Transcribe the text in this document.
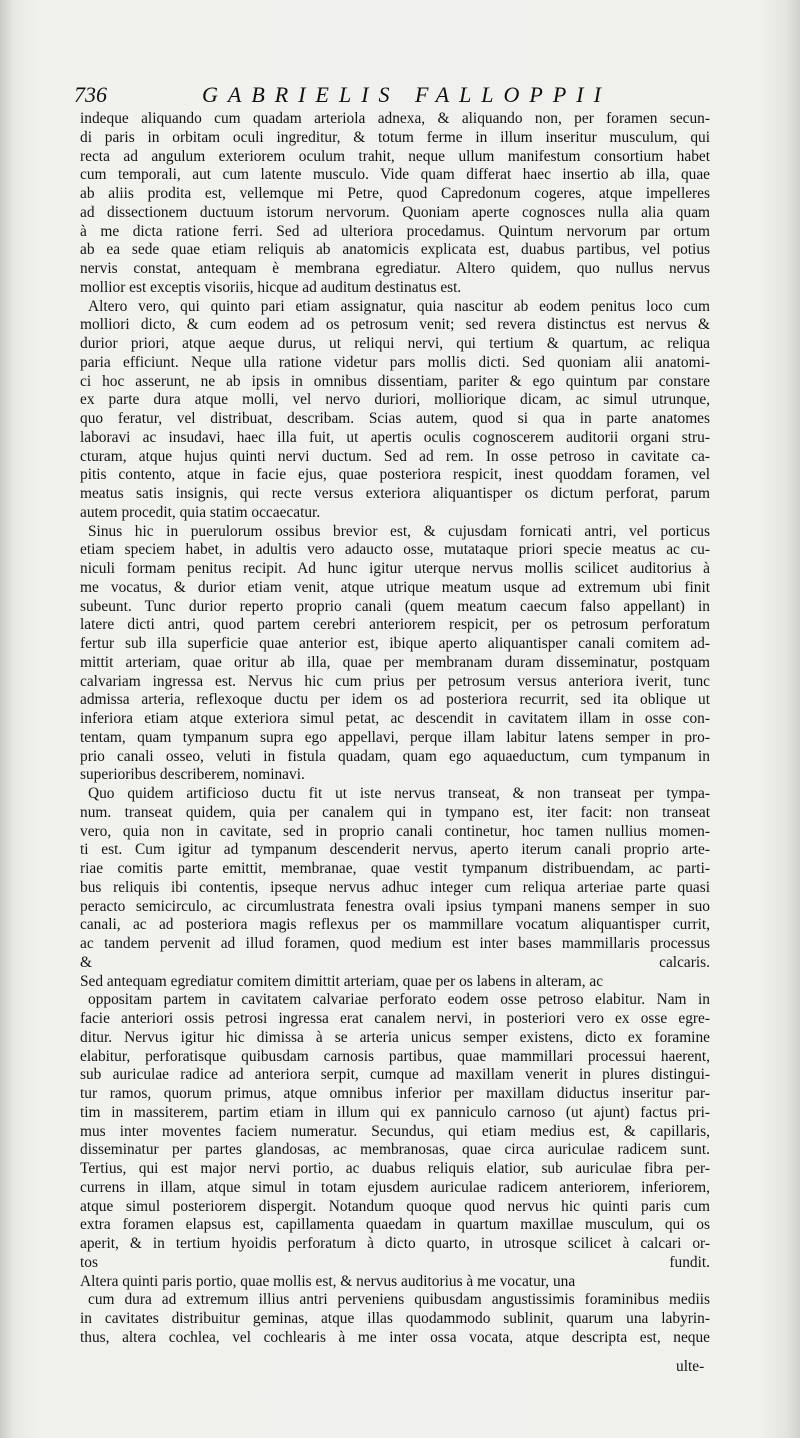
736	GABRIELIS FALLOPPII
indeque aliquando cum quadam arteriola adnexa, & aliquando non, per foramen secun-
di paris in orbitam oculi ingreditur, & totum ferme in illum inseritur musculum, qui
recta ad angulum exteriorem oculum trahit, neque ullum manifestum consortium habet
cum temporali, aut cum latente musculo. Vide quam differat haec insertio ab illa, quae
ab aliis prodita est, vellemque mi Petre, quod Capredonum cogeres, atque impelleres
ad dissectionem ductuum istorum nervorum. Quoniam aperte cognosces nulla alia quam
à me dicta ratione ferri. Sed ad ulteriora procedamus. Quintum nervorum par ortum
ab ea sede quae etiam reliquis ab anatomicis explicata est, duabus partibus, vel potius
nervis constat, antequam è membrana egrediatur. Altero quidem, quo nullus nervus
mollior est exceptis visoriis, hicque ad auditum destinatus est.
Altero vero, qui quinto pari etiam assignatur, quia nascitur ab eodem penitus loco cum
molliori dicto, & cum eodem ad os petrosum venit; sed revera distinctus est nervus &
durior priori, atque aeque durus, ut reliqui nervi, qui tertium & quartum, ac reliqua
paria efficiunt. Neque ulla ratione videtur pars mollis dicti. Sed quoniam alii anatomi-
ci hoc asserunt, ne ab ipsis in omnibus dissentiam, pariter & ego quintum par constare
ex parte dura atque molli, vel nervo duriori, molliorique dicam, ac simul utrunque,
quo feratur, vel distribuat, describam. Scias autem, quod si qua in parte anatomes
laboravi ac insudavi, haec illa fuit, ut apertis oculis cognoscerem auditorii organi stru-
cturam, atque hujus quinti nervi ductum. Sed ad rem. In osse petroso in cavitate ca-
pitis contento, atque in facie ejus, quae posteriora respicit, inest quoddam foramen, vel
meatus satis insignis, qui recte versus exteriora aliquantisper os dictum perforat, parum
autem procedit, quia statim occaecatur.
Sinus hic in puerulorum ossibus brevior est, & cujusdam fornicati antri, vel porticus
etiam speciem habet, in adultis vero adaucto osse, mutataque priori specie meatus ac cu-
niculi formam penitus recipit. Ad hunc igitur uterque nervus mollis scilicet auditorius à
me vocatus, & durior etiam venit, atque utrique meatum usque ad extremum ubi finit
subeunt. Tunc durior reperto proprio canali (quem meatum caecum falso appellant) in
latere dicti antri, quod partem cerebri anteriorem respicit, per os petrosum perforatum
fertur sub illa superficie quae anterior est, ibique aperto aliquantisper canali comitem ad-
mittit arteriam, quae oritur ab illa, quae per membranam duram disseminatur, postquam
calvariam ingressa est. Nervus hic cum prius per petrosum versus anteriora iverit, tunc
admissa arteria, reflexoque ductu per idem os ad posteriora recurrit, sed ita oblique ut
inferiora etiam atque exteriora simul petat, ac descendit in cavitatem illam in osse con-
tentam, quam tympanum supra ego appellavi, perque illam labitur latens semper in pro-
prio canali osseo, veluti in fistula quadam, quam ego aquaeductum, cum tympanum in
superioribus describerem, nominavi.
Quo quidem artificioso ductu fit ut iste nervus transeat, & non transeat per tympa-
num. transeat quidem, quia per canalem qui in tympano est, iter facit: non transeat
vero, quia non in cavitate, sed in proprio canali continetur, hoc tamen nullius momen-
ti est. Cum igitur ad tympanum descenderit nervus, aperto iterum canali proprio arte-
riae comitis parte emittit, membranae, quae vestit tympanum distribuendam, ac parti-
bus reliquis ibi contentis, ipseque nervus adhuc integer cum reliqua arteriae parte quasi
peracto semicirculo, ac circumlustrata fenestra ovali ipsius tympani manens semper in suo
canali, ac ad posteriora magis reflexus per os mammillare vocatum aliquantisper currit,
ac tandem pervenit ad illud foramen, quod medium est inter bases mammillaris processus
& calcaris.
Sed antequam egrediatur comitem dimittit arteriam, quae per os labens in alteram, ac
oppositam partem in cavitatem calvariae perforato eodem osse petroso elabitur. Nam in
facie anteriori ossis petrosi ingressa erat canalem nervi, in posteriori vero ex osse egre-
ditur. Nervus igitur hic dimissa à se arteria unicus semper existens, dicto ex foramine
elabitur, perforatisque quibusdam carnosis partibus, quae mammillari processui haerent,
sub auriculae radice ad anteriora serpit, cumque ad maxillam venerit in plures distingui-
tur ramos, quorum primus, atque omnibus inferior per maxillam diductus inseritur par-
tim in massiterem, partim etiam in illum qui ex panniculo carnoso (ut ajunt) factus pri-
mus inter moventes faciem numeratur. Secundus, qui etiam medius est, & capillaris,
disseminatur per partes glandosas, ac membranosas, quae circa auriculae radicem sunt.
Tertius, qui est major nervi portio, ac duabus reliquis elatior, sub auriculae fibra per-
currens in illam, atque simul in totam ejusdem auriculae radicem anteriorem, inferiorem,
atque simul posteriorem dispergit. Notandum quoque quod nervus hic quinti paris cum
extra foramen elapsus est, capillamenta quaedam in quartum maxillae musculum, qui os
aperit, & in tertium hyoidis perforatum à dicto quarto, in utrosque scilicet à calcari or-
tos fundit.
Altera quinti paris portio, quae mollis est, & nervus auditorius à me vocatur, una
cum dura ad extremum illius antri perveniens quibusdam angustissimis foraminibus mediis
in cavitates distribuitur geminas, atque illas quodammodo sublinit, quarum una labyrin-
thus, altera cochlea, vel cochlearis à me inter ossa vocata, atque descripta est, neque
ulte-
